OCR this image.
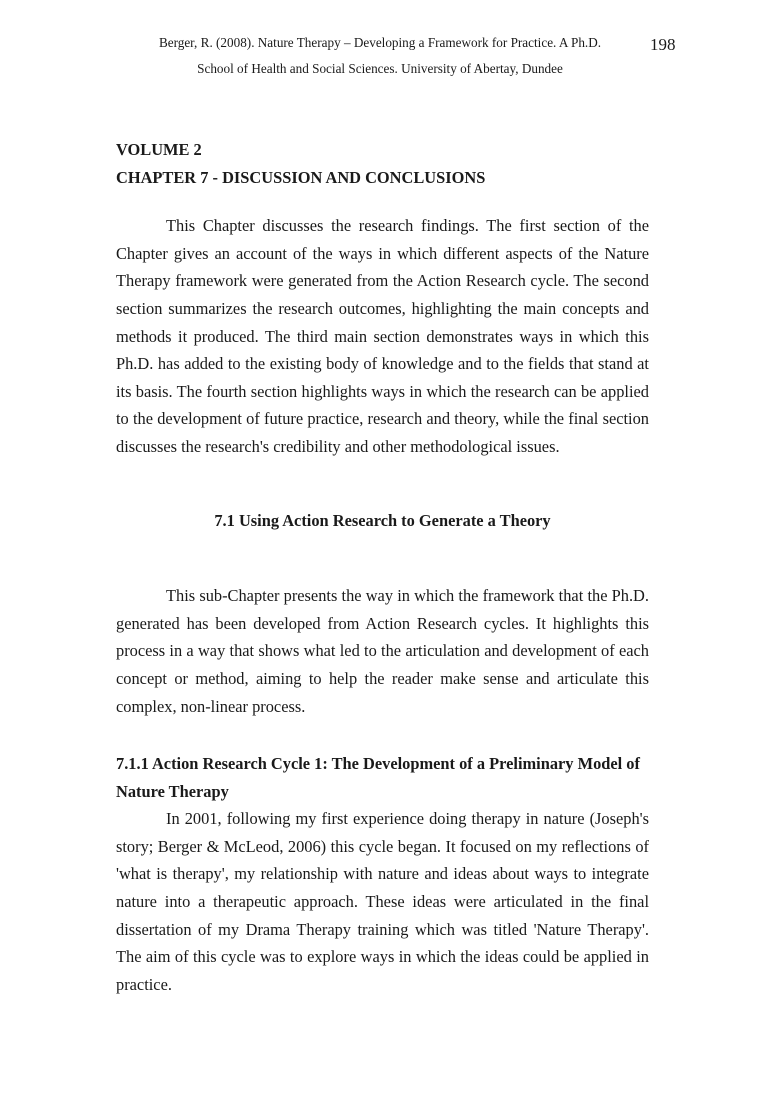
Berger, R. (2008). Nature Therapy – Developing a Framework for Practice. A Ph.D.	198
School of Health and Social Sciences. University of Abertay, Dundee
VOLUME 2
CHAPTER 7 - DISCUSSION AND CONCLUSIONS

This Chapter discusses the research findings. The first section of the Chapter gives an account of the ways in which different aspects of the Nature Therapy framework were generated from the Action Research cycle. The second section summarizes the research outcomes, highlighting the main concepts and methods it produced. The third main section demonstrates ways in which this Ph.D. has added to the existing body of knowledge and to the fields that stand at its basis. The fourth section highlights ways in which the research can be applied to the development of future practice, research and theory, while the final section discusses the research's credibility and other methodological issues.

7.1 Using Action Research to Generate a Theory

This sub-Chapter presents the way in which the framework that the Ph.D. generated has been developed from Action Research cycles. It highlights this process in a way that shows what led to the articulation and development of each concept or method, aiming to help the reader make sense and articulate this complex, non-linear process.

7.1.1 Action Research Cycle 1: The Development of a Preliminary Model of Nature Therapy

In 2001, following my first experience doing therapy in nature (Joseph's story; Berger & McLeod, 2006) this cycle began. It focused on my reflections of 'what is therapy', my relationship with nature and ideas about ways to integrate nature into a therapeutic approach. These ideas were articulated in the final dissertation of my Drama Therapy training which was titled 'Nature Therapy'. The aim of this cycle was to explore ways in which the ideas could be applied in practice.
